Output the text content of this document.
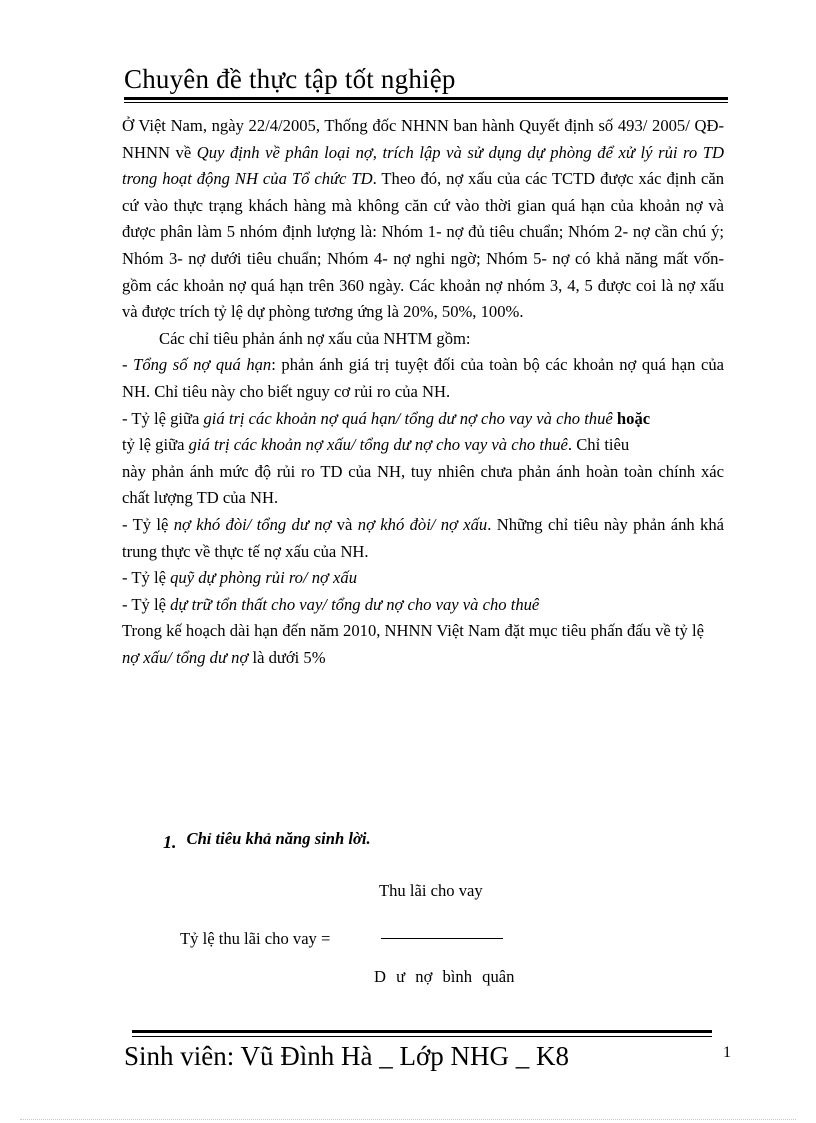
Chuyên đề thực tập tốt nghiệp

Ở Việt Nam, ngày 22/4/2005, Thống đốc NHNN ban hành Quyết định số 493/ 2005/ QĐ-NHNN về Quy định về phân loại nợ, trích lập và sử dụng dự phòng để xử lý rủi ro TD trong hoạt động NH của Tổ chức TD. Theo đó, nợ xấu của các TCTD được xác định căn cứ vào thực trạng khách hàng mà không căn cứ vào thời gian quá hạn của khoản nợ và được phân làm 5 nhóm định lượng là: Nhóm 1- nợ đủ tiêu chuẩn; Nhóm 2- nợ cần chú ý; Nhóm 3- nợ dưới tiêu chuẩn; Nhóm 4- nợ nghi ngờ; Nhóm 5- nợ có khả năng mất vốn- gồm các khoản nợ quá hạn trên 360 ngày. Các khoản nợ nhóm 3, 4, 5 được coi là nợ xấu và được trích tỷ lệ dự phòng tương ứng là 20%, 50%, 100%.

Các chỉ tiêu phản ánh nợ xấu của NHTM gồm:

- Tổng số nợ quá hạn: phản ánh giá trị tuyệt đối của toàn bộ các khoản nợ quá hạn của NH. Chỉ tiêu này cho biết nguy cơ rủi ro của NH.

- Tỷ lệ giữa giá trị các khoản nợ quá hạn/ tổng dư nợ cho vay và cho thuê hoặc

tỷ lệ giữa giá trị các khoản nợ xấu/ tổng dư nợ cho vay và cho thuê. Chỉ tiêu

này phản ánh mức độ rủi ro TD của NH, tuy nhiên chưa phản ánh hoàn toàn chính xác chất lượng TD của NH.

- Tỷ lệ nợ khó đòi/ tổng dư nợ và nợ khó đòi/ nợ xấu. Những chỉ tiêu này phản ánh khá trung thực về thực tế nợ xấu của NH.

- Tỷ lệ quỹ dự phòng rủi ro/ nợ xấu

- Tỷ lệ dự trữ tổn thất cho vay/ tổng dư nợ cho vay và cho thuê

Trong kế hoạch dài hạn đến năm 2010, NHNN Việt Nam đặt mục tiêu phấn đấu về tỷ lệ nợ xấu/ tổng dư nợ là dưới 5%

1. Chỉ tiêu khả năng sinh lời.
Thu lãi cho vay
Tỷ lệ thu lãi cho vay =
D ư nợ bình quân
Sinh viên: Vũ Đình Hà _ Lớp NHG _ K8	1
